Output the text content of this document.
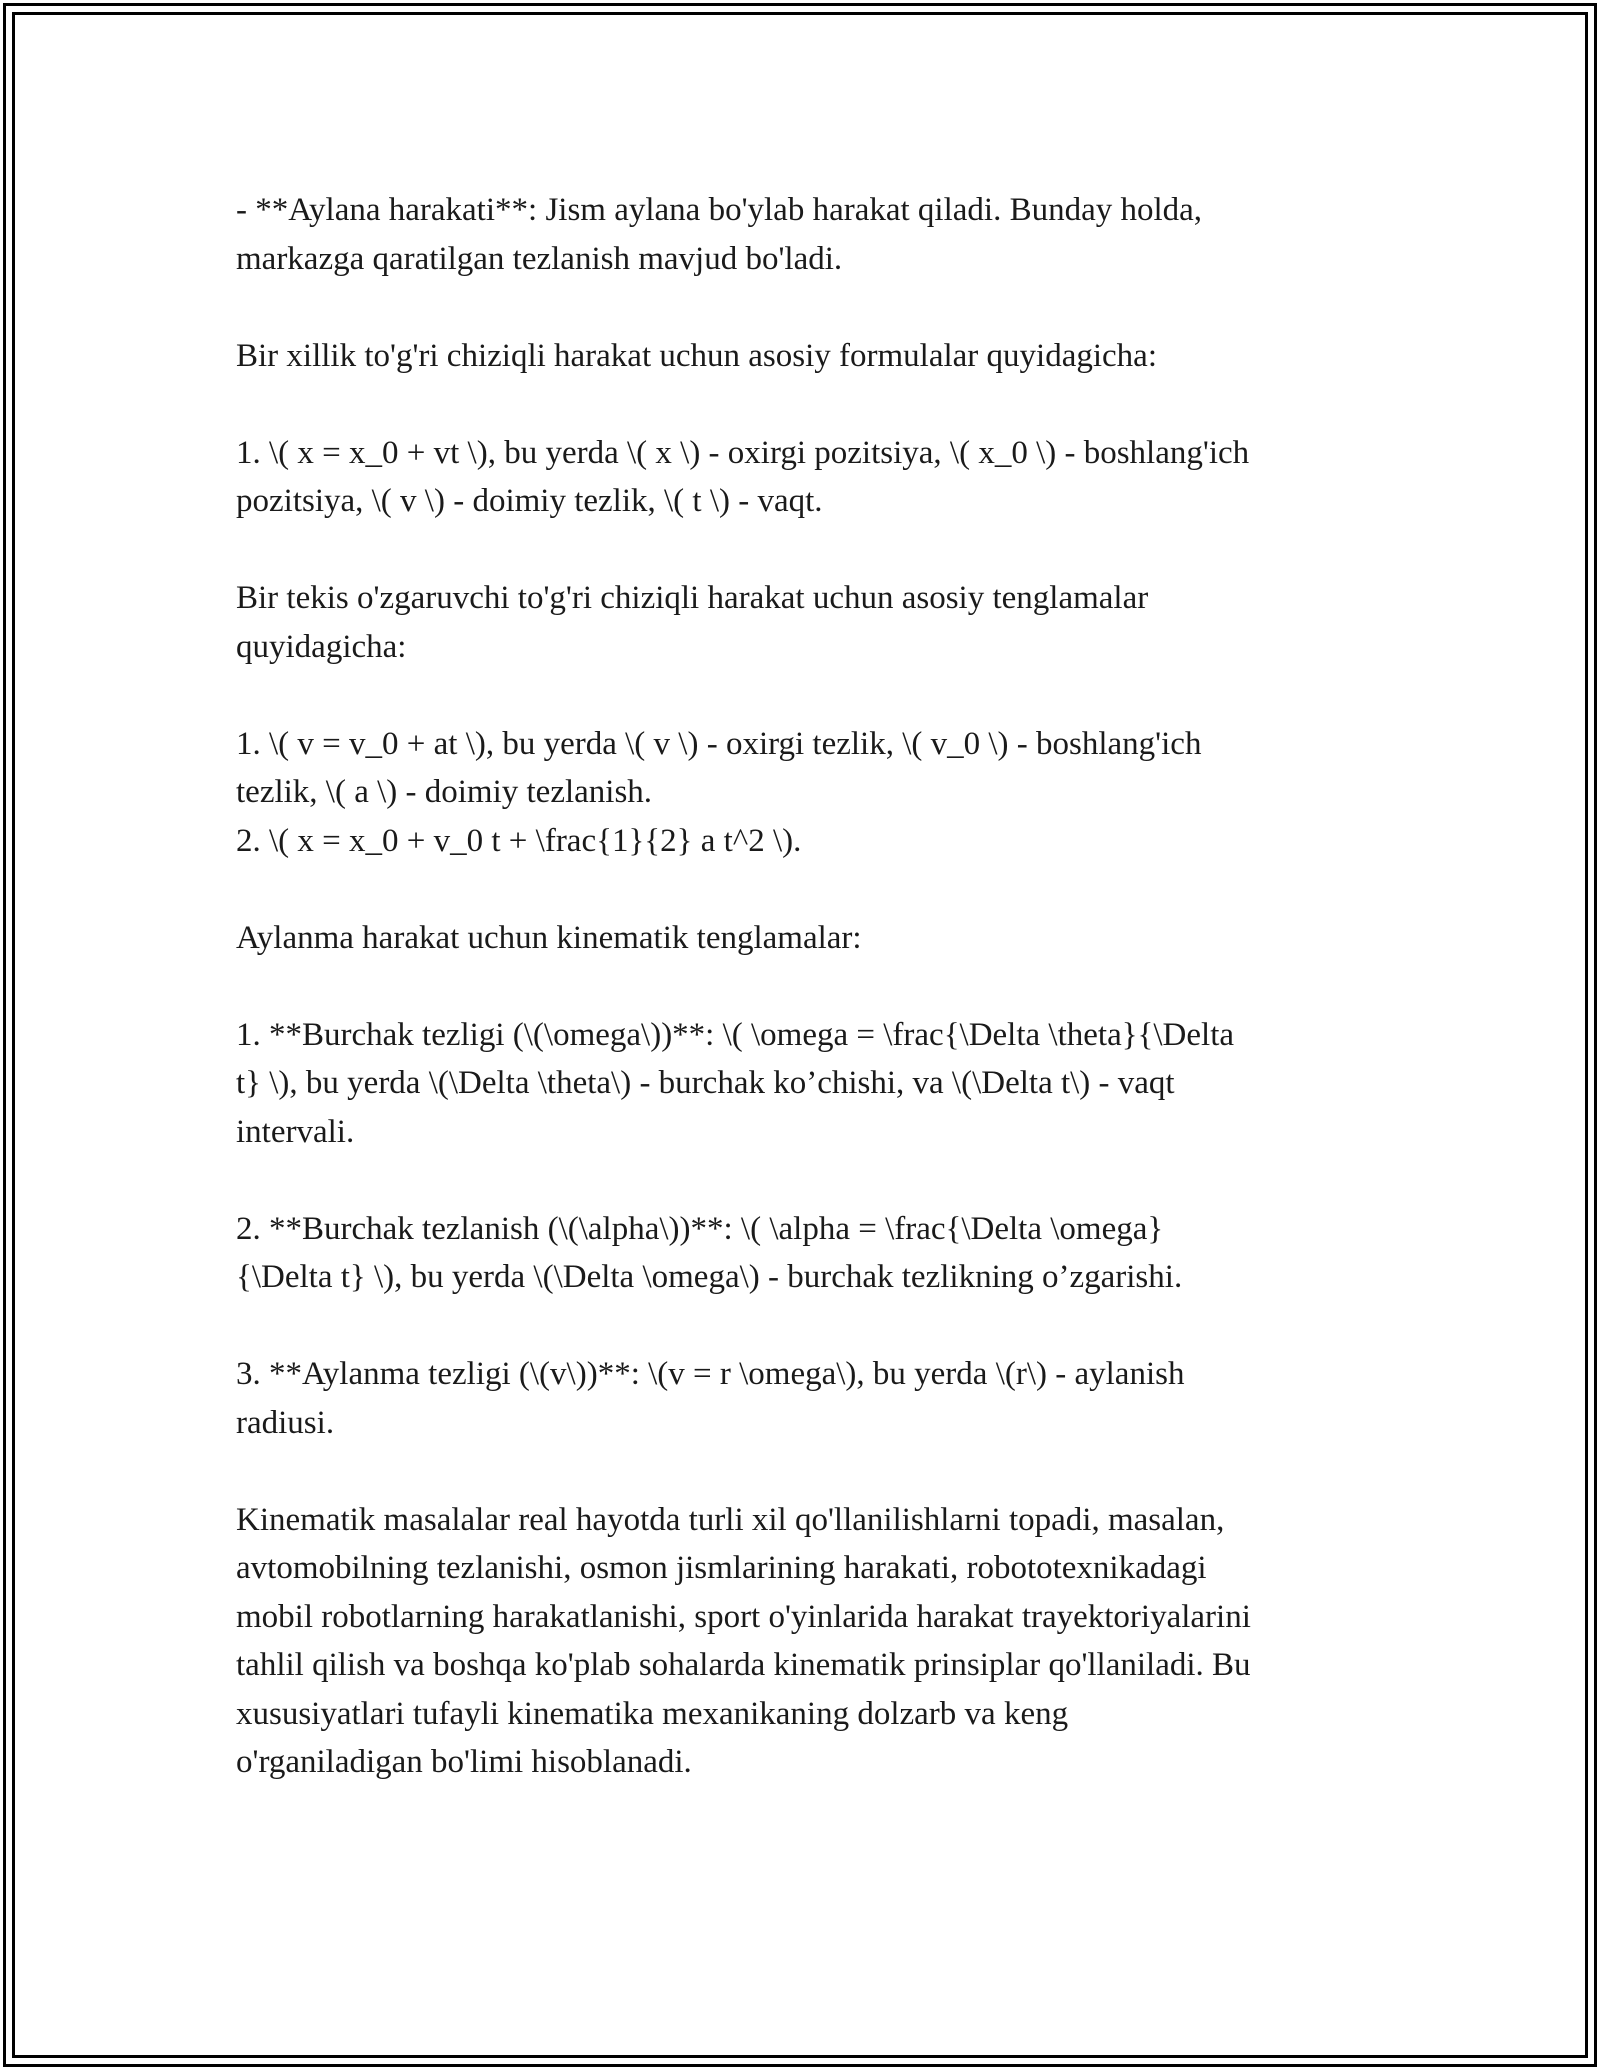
- **Aylana harakati**: Jism aylana bo'ylab harakat qiladi. Bunday holda,
markazga qaratilgan tezlanish mavjud bo'ladi.

Bir xillik to'g'ri chiziqli harakat uchun asosiy formulalar quyidagicha:

1. \( x = x_0 + vt \), bu yerda \( x \) - oxirgi pozitsiya, \( x_0 \) - boshlang'ich
pozitsiya, \( v \) - doimiy tezlik, \( t \) - vaqt.

Bir tekis o'zgaruvchi to'g'ri chiziqli harakat uchun asosiy tenglamalar
quyidagicha:

1. \( v = v_0 + at \), bu yerda \( v \) - oxirgi tezlik, \( v_0 \) - boshlang'ich
tezlik, \( a \) - doimiy tezlanish.
2. \( x = x_0 + v_0 t + \frac{1}{2} a t^2 \).

Aylanma harakat uchun kinematik tenglamalar:

1. **Burchak tezligi (\(\omega\))**: \( \omega = \frac{\Delta \theta}{\Delta
t} \), bu yerda \(\Delta \theta\) - burchak ko’chishi, va \(\Delta t\) - vaqt
intervali.

2. **Burchak tezlanish (\(\alpha\))**: \( \alpha = \frac{\Delta \omega}
{\Delta t} \), bu yerda \(\Delta \omega\) - burchak tezlikning o’zgarishi.

3. **Aylanma tezligi (\(v\))**: \(v = r \omega\), bu yerda \(r\) - aylanish
radiusi.

Kinematik masalalar real hayotda turli xil qo'llanilishlarni topadi, masalan,
avtomobilning tezlanishi, osmon jismlarining harakati, robototexnikadagi
mobil robotlarning harakatlanishi, sport o'yinlarida harakat trayektoriyalarini
tahlil qilish va boshqa ko'plab sohalarda kinematik prinsiplar qo'llaniladi. Bu
xususiyatlari tufayli kinematika mexanikaning dolzarb va keng
o'rganiladigan bo'limi hisoblanadi.
